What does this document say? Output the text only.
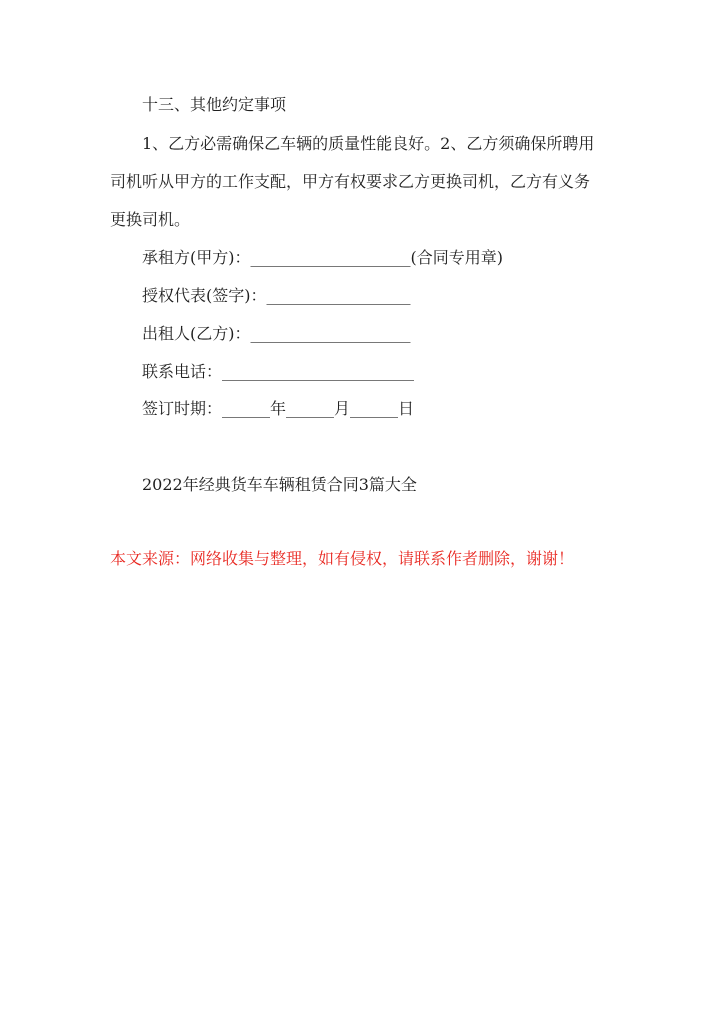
十三、其他约定事项
1、乙方必需确保乙车辆的质量性能良好。2、乙方须确保所聘用
司机听从甲方的工作支配，甲方有权要求乙方更换司机，乙方有义务
更换司机。
承租方(甲方)：____________________(合同专用章)
授权代表(签字)：__________________
出租人(乙方)：____________________
联系电话：________________________
签订时期：______年______月______日
2022年经典货车车辆租赁合同3篇大全
本文来源：网络收集与整理，如有侵权，请联系作者删除，谢谢！
